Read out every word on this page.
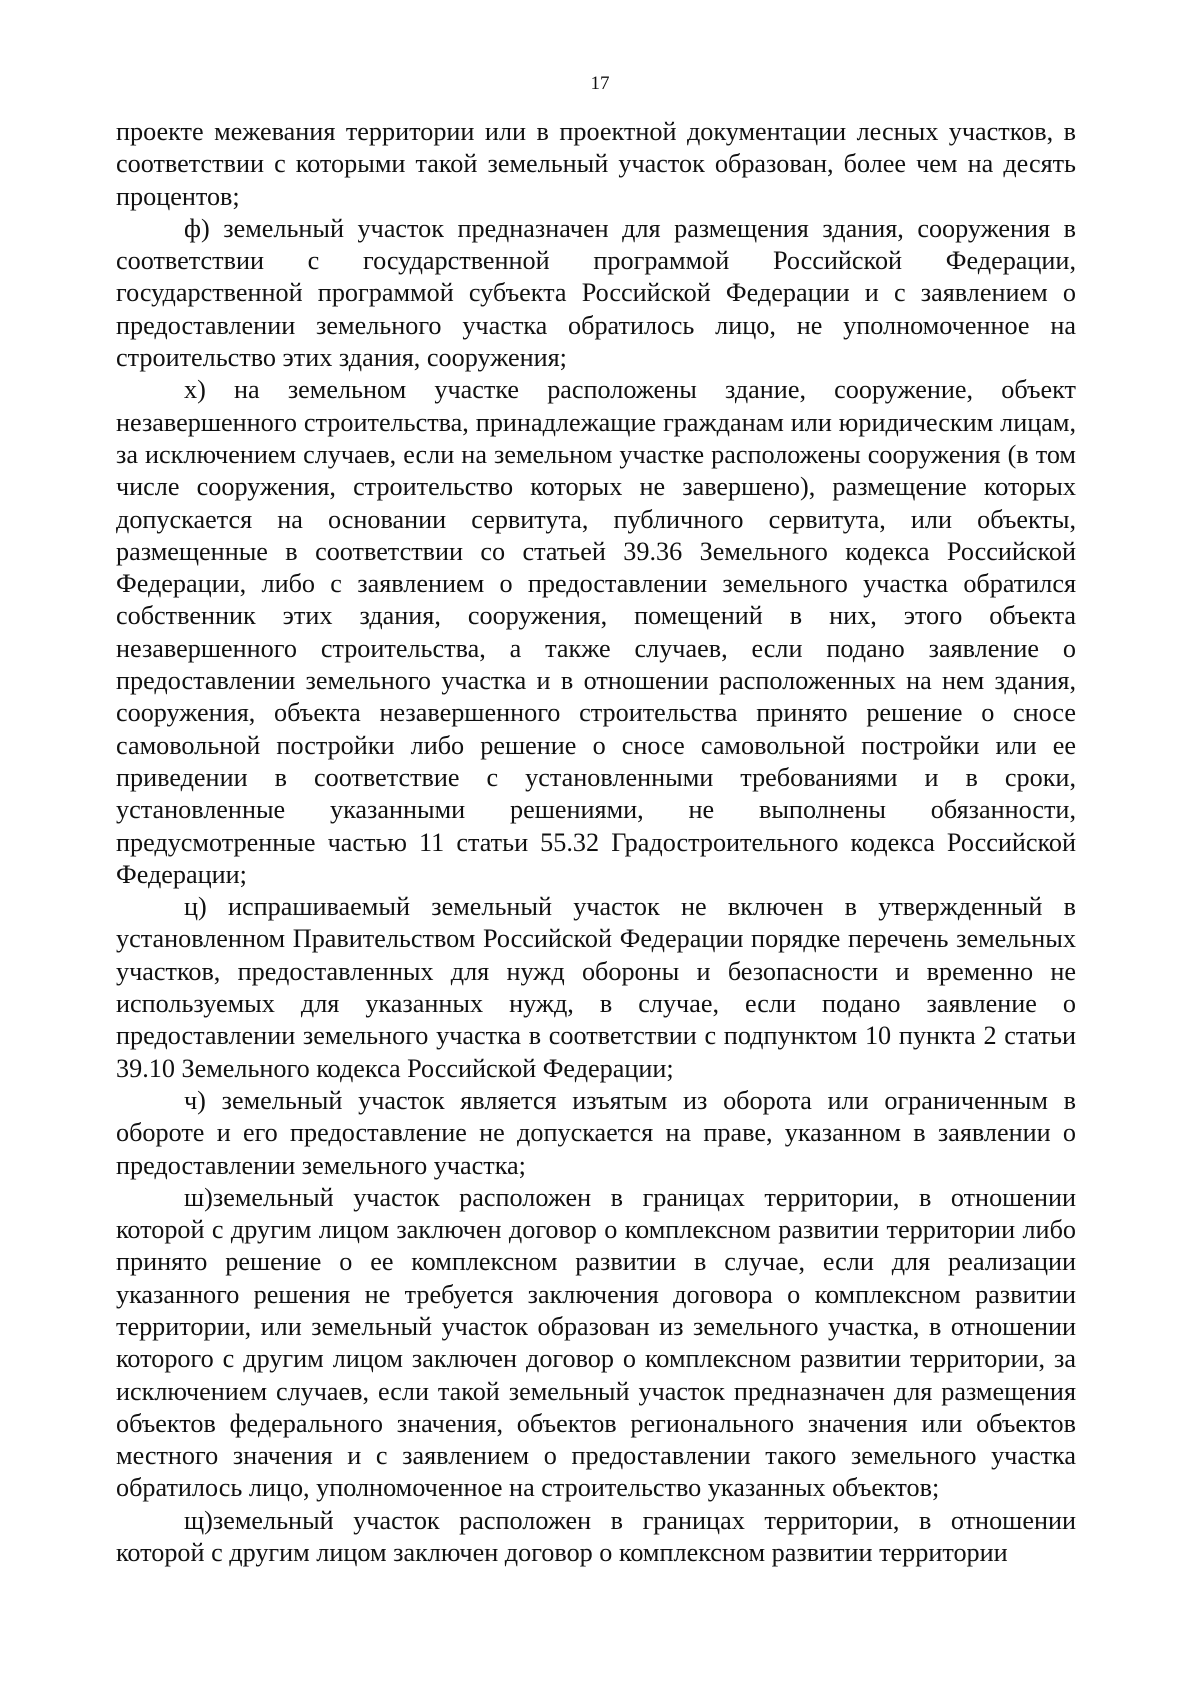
17

проекте межевания территории или в проектной документации лесных участков, в соответствии с которыми такой земельный участок образован, более чем на десять процентов;

ф) земельный участок предназначен для размещения здания, сооружения в соответствии с государственной программой Российской Федерации, государственной программой субъекта Российской Федерации и с заявлением о предоставлении земельного участка обратилось лицо, не уполномоченное на строительство этих здания, сооружения;

х) на земельном участке расположены здание, сооружение, объект незавершенного строительства, принадлежащие гражданам или юридическим лицам, за исключением случаев, если на земельном участке расположены сооружения (в том числе сооружения, строительство которых не завершено), размещение которых допускается на основании сервитута, публичного сервитута, или объекты, размещенные в соответствии со статьей 39.36 Земельного кодекса Российской Федерации, либо с заявлением о предоставлении земельного участка обратился собственник этих здания, сооружения, помещений в них, этого объекта незавершенного строительства, а также случаев, если подано заявление о предоставлении земельного участка и в отношении расположенных на нем здания, сооружения, объекта незавершенного строительства принято решение о сносе самовольной постройки либо решение о сносе самовольной постройки или ее приведении в соответствие с установленными требованиями и в сроки, установленные указанными решениями, не выполнены обязанности, предусмотренные частью 11 статьи 55.32 Градостроительного кодекса Российской Федерации;

ц) испрашиваемый земельный участок не включен в утвержденный в установленном Правительством Российской Федерации порядке перечень земельных участков, предоставленных для нужд обороны и безопасности и временно не используемых для указанных нужд, в случае, если подано заявление о предоставлении земельного участка в соответствии с подпунктом 10 пункта 2 статьи 39.10 Земельного кодекса Российской Федерации;

ч) земельный участок является изъятым из оборота или ограниченным в обороте и его предоставление не допускается на праве, указанном в заявлении о предоставлении земельного участка;

ш)земельный участок расположен в границах территории, в отношении которой с другим лицом заключен договор о комплексном развитии территории либо принято решение о ее комплексном развитии в случае, если для реализации указанного решения не требуется заключения договора о комплексном развитии территории, или земельный участок образован из земельного участка, в отношении которого с другим лицом заключен договор о комплексном развитии территории, за исключением случаев, если такой земельный участок предназначен для размещения объектов федерального значения, объектов регионального значения или объектов местного значения и с заявлением о предоставлении такого земельного участка обратилось лицо, уполномоченное на строительство указанных объектов;

щ)земельный участок расположен в границах территории, в отношении которой с другим лицом заключен договор о комплексном развитии территории
